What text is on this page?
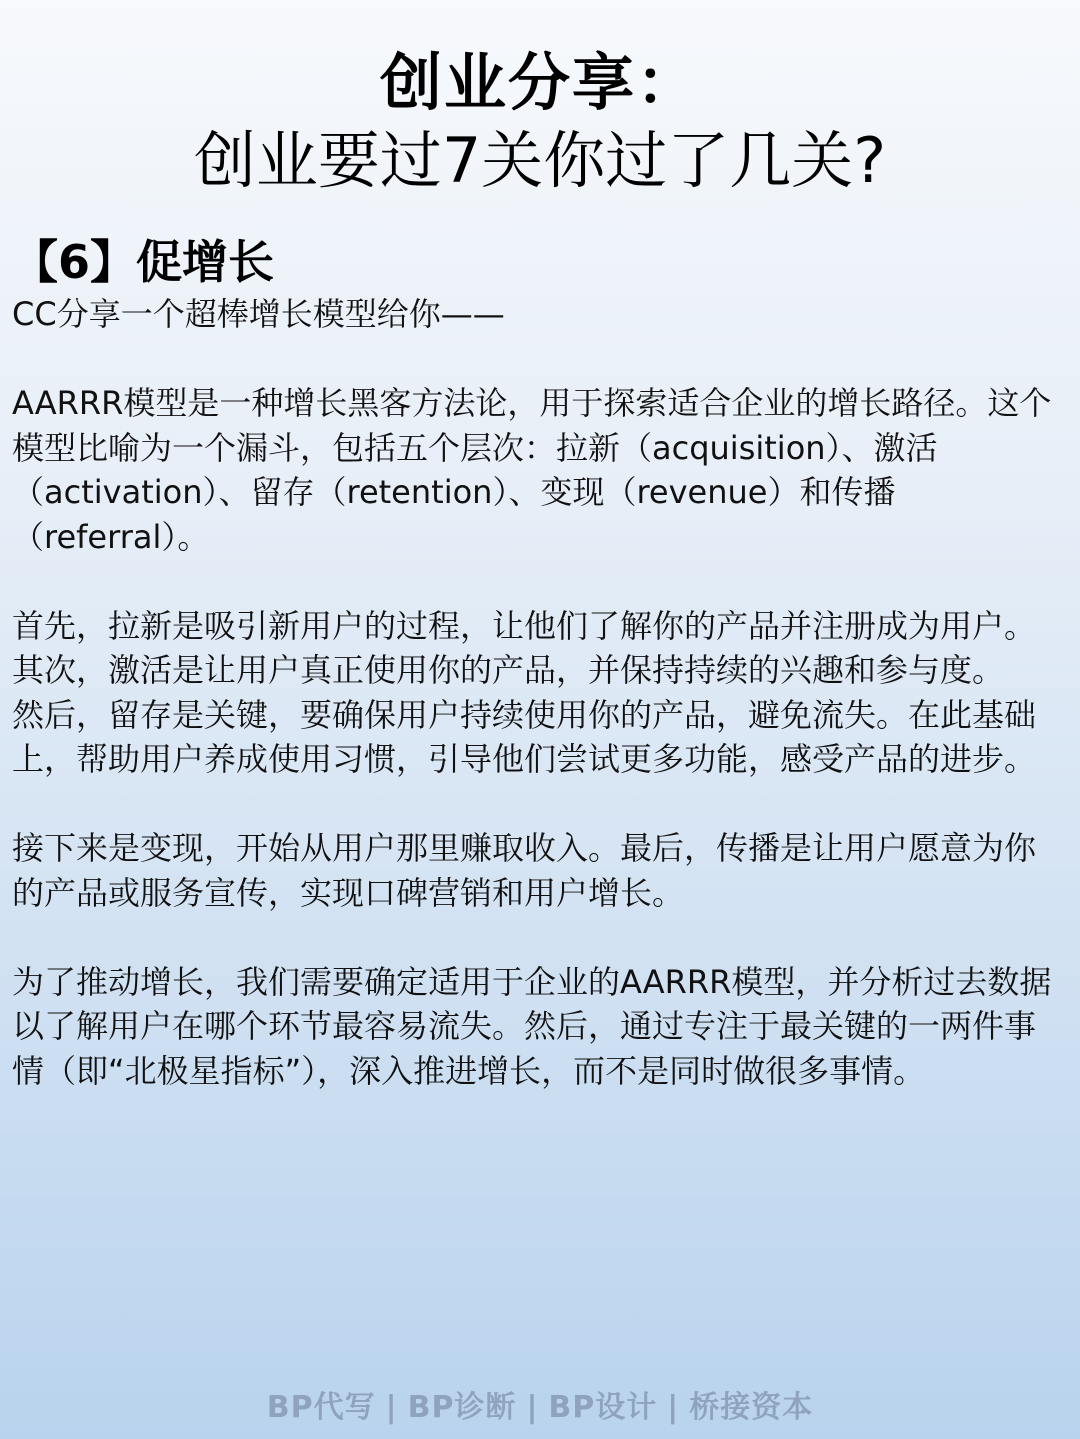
创业分享：
创业要过7关你过了几关?
【6】促增长

CC分享一个超棒增长模型给你——

AARRR模型是一种增长黑客方法论，用于探索适合企业的增长路径。这个模型比喻为一个漏斗，包括五个层次：拉新（acquisition）、激活（activation）、留存（retention）、变现（revenue）和传播（referral）。

首先，拉新是吸引新用户的过程，让他们了解你的产品并注册成为用户。

其次，激活是让用户真正使用你的产品，并保持持续的兴趣和参与度。

然后，留存是关键，要确保用户持续使用你的产品，避免流失。在此基础上，帮助用户养成使用习惯，引导他们尝试更多功能，感受产品的进步。

接下来是变现，开始从用户那里赚取收入。最后，传播是让用户愿意为你的产品或服务宣传，实现口碑营销和用户增长。

为了推动增长，我们需要确定适用于企业的AARRR模型，并分析过去数据以了解用户在哪个环节最容易流失。然后，通过专注于最关键的一两件事情（即“北极星指标”），深入推进增长，而不是同时做很多事情。

BP代写 | BP诊断 | BP设计 | 桥接资本
